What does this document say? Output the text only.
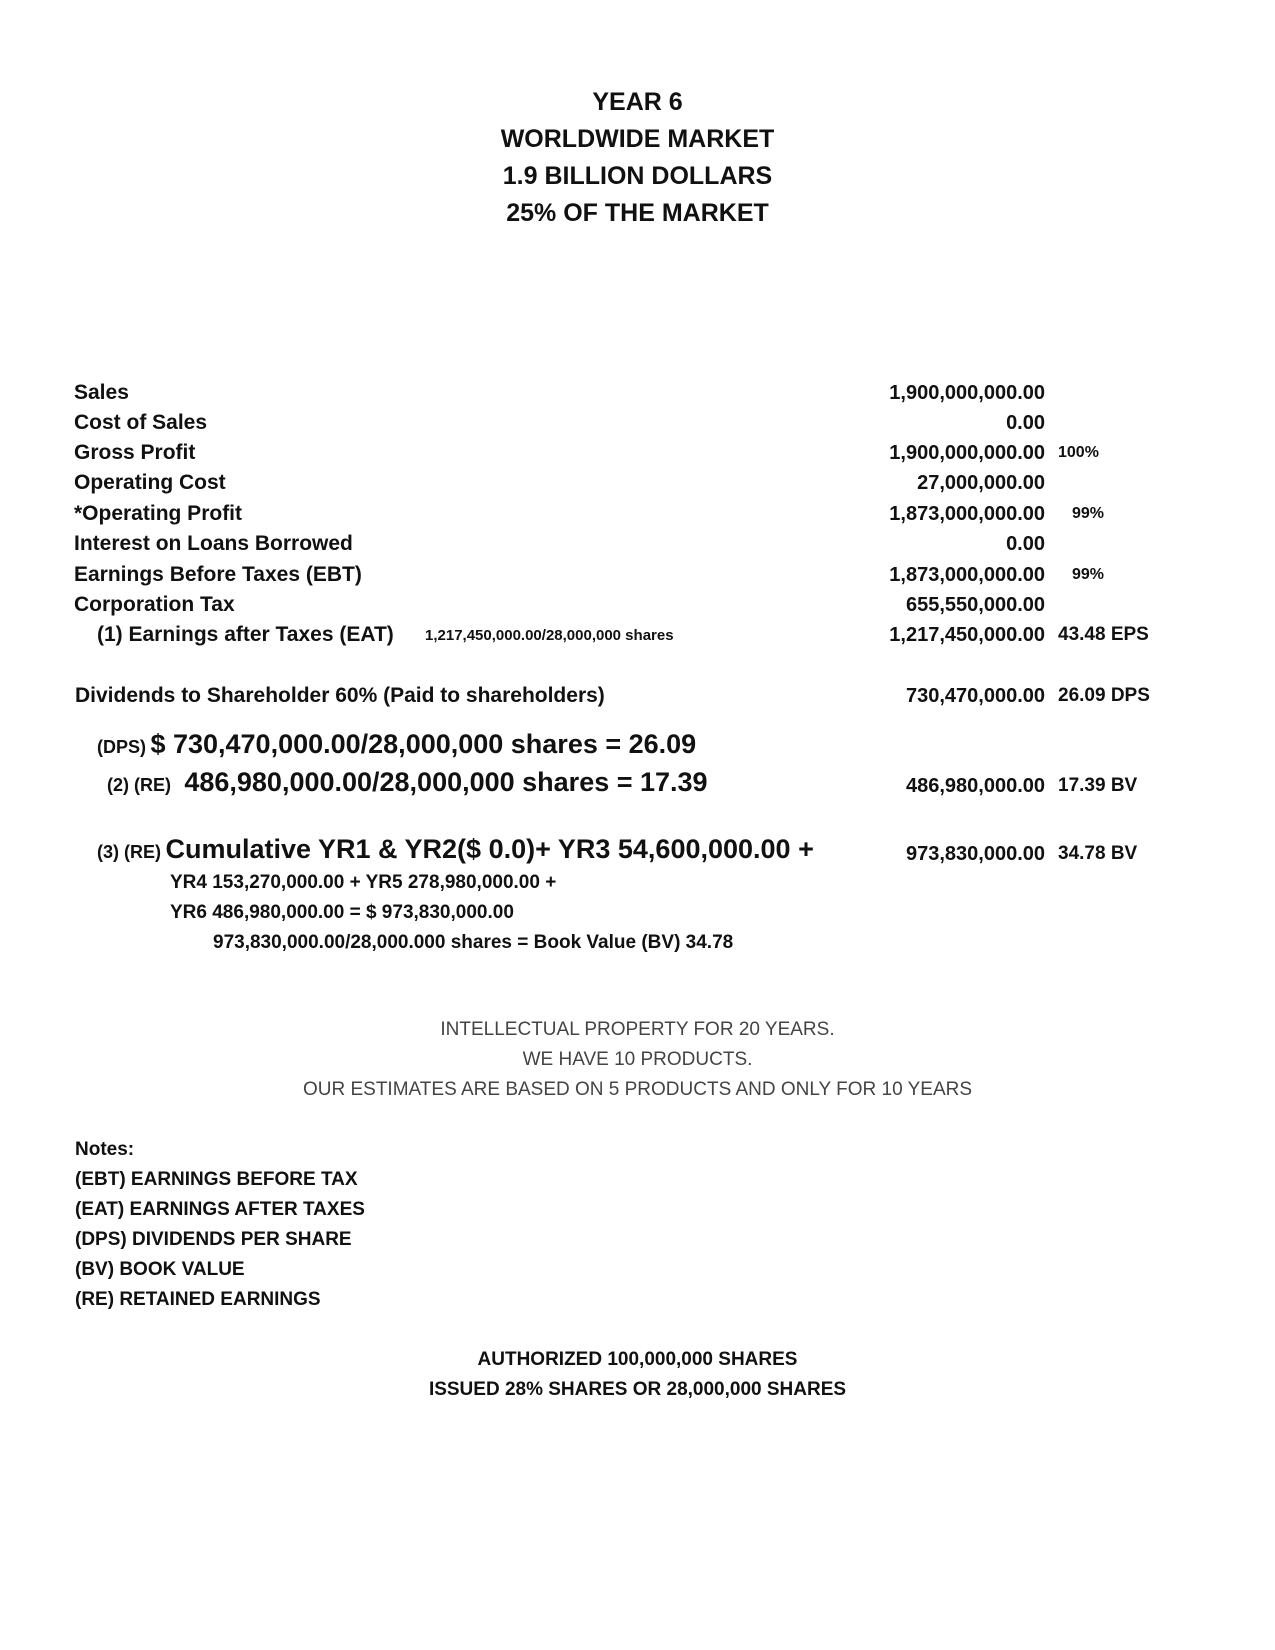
YEAR 6
WORLDWIDE MARKET
1.9 BILLION DOLLARS
25% OF THE MARKET
Sales	1,900,000,000.00
Cost of Sales	0.00
Gross Profit	1,900,000,000.00 100%
Operating Cost	27,000,000.00
*Operating Profit	1,873,000,000.00 99%
Interest on Loans Borrowed	0.00
Earnings Before Taxes (EBT)	1,873,000,000.00 99%
Corporation Tax	655,550,000.00
(1) Earnings after Taxes (EAT) 1,217,450,000.00/28,000,000 shares	1,217,450,000.00 43.48 EPS
Dividends to Shareholder 60% (Paid to shareholders)	730,470,000.00 26.09 DPS
(DPS) $ 730,470,000.00/28,000,000 shares = 26.09
(2) (RE) 486,980,000.00/28,000,000 shares = 17.39	486,980,000.00 17.39 BV
(3) (RE) Cumulative YR1 & YR2($ 0.0)+ YR3 54,600,000.00 +	973,830,000.00 34.78 BV
YR4 153,270,000.00 + YR5 278,980,000.00 +
YR6 486,980,000.00 = $ 973,830,000.00
973,830,000.00/28,000.000 shares = Book Value (BV) 34.78
INTELLECTUAL PROPERTY FOR 20 YEARS.
WE HAVE 10 PRODUCTS.
OUR ESTIMATES ARE BASED ON 5 PRODUCTS AND ONLY FOR 10 YEARS
Notes:
(EBT) EARNINGS BEFORE TAX
(EAT) EARNINGS AFTER TAXES
(DPS) DIVIDENDS PER SHARE
(BV) BOOK VALUE
(RE) RETAINED EARNINGS
AUTHORIZED 100,000,000 SHARES
ISSUED 28% SHARES OR 28,000,000 SHARES
